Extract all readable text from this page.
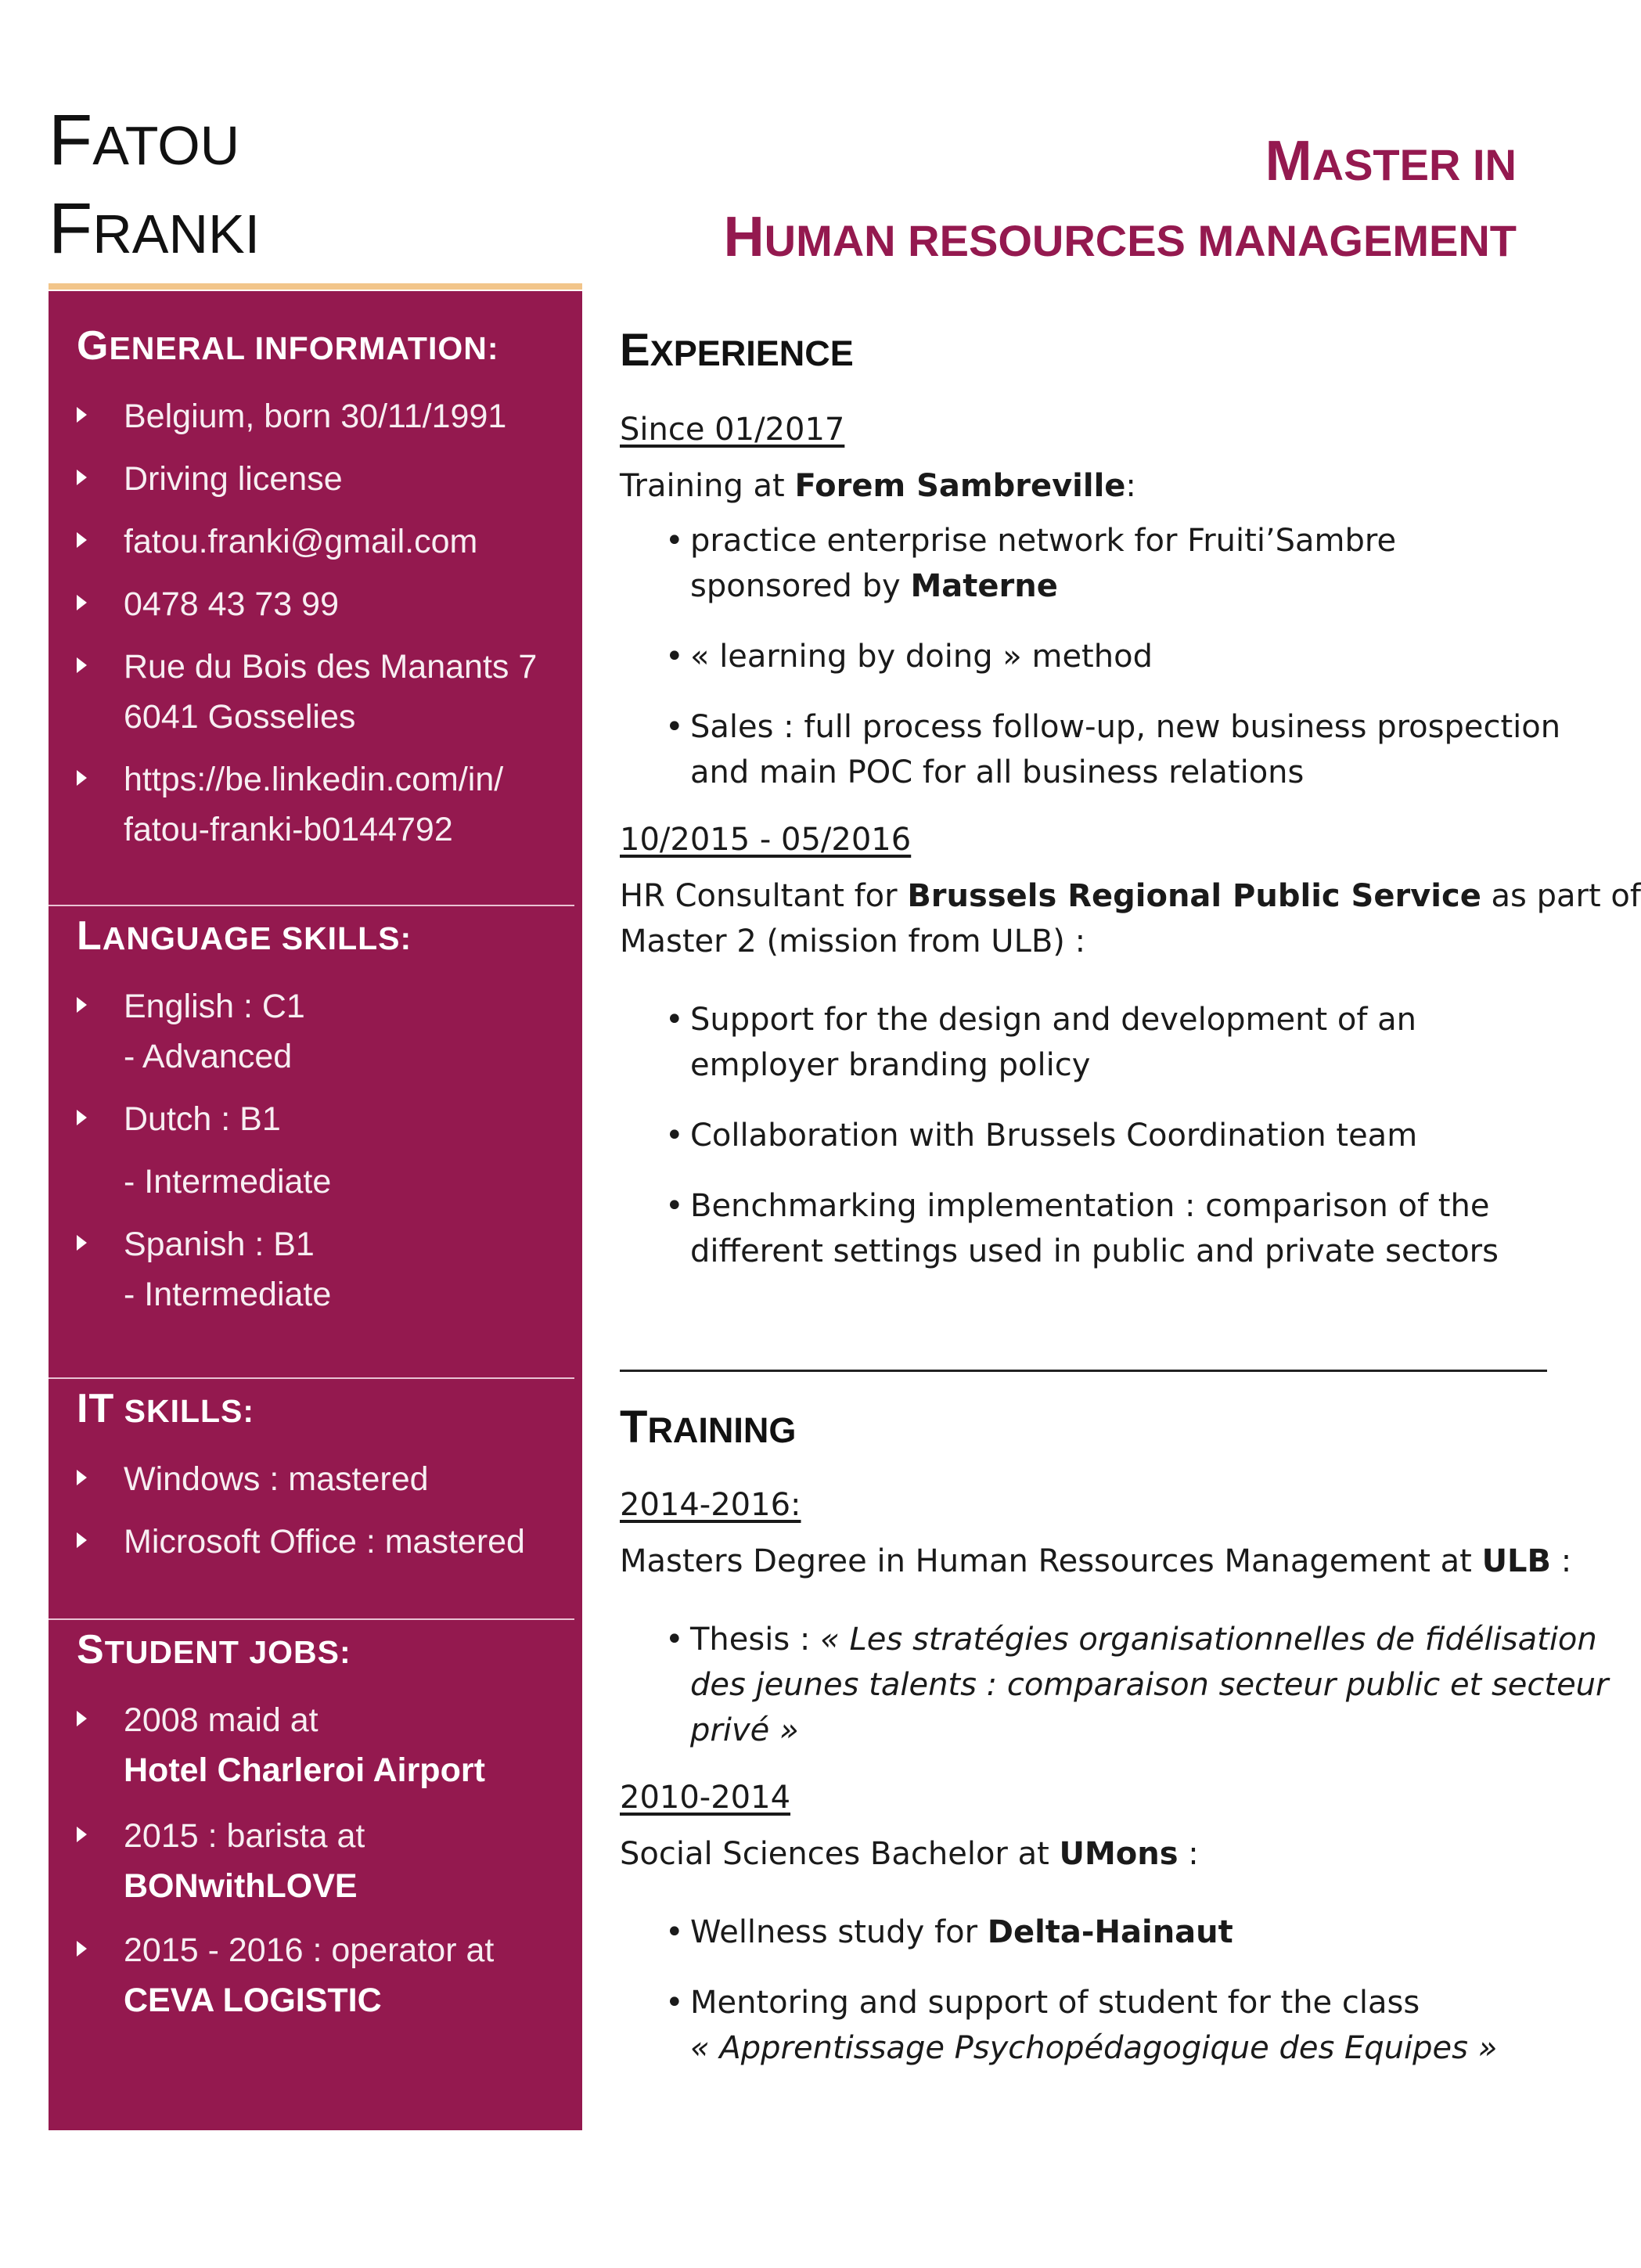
FATOU
FRANKI
MASTER IN
HUMAN RESOURCES MANAGEMENT
GENERAL INFORMATION:
Belgium, born 30/11/1991
Driving license
fatou.franki@gmail.com
0478 43 73 99
Rue du Bois des Manants 7
6041 Gosselies
https://be.linkedin.com/in/
fatou-franki-b0144792
LANGUAGE SKILLS:
English : C1
- Advanced
Dutch : B1
- Intermediate
Spanish : B1
- Intermediate
IT SKILLS:
Windows : mastered
Microsoft Office : mastered
STUDENT JOBS:
2008 maid at
Hotel Charleroi Airport
2015 : barista at
BONwithLOVE
2015 - 2016 : operator at
CEVA LOGISTIC
EXPERIENCE
Since 01/2017
Training at Forem Sambreville:
• practice enterprise network for Fruiti’Sambre
sponsored by Materne
• « learning by doing » method
• Sales : full process follow-up, new business prospection
and main POC for all business relations
10/2015 - 05/2016
HR Consultant for Brussels Regional Public Service as part of
Master 2 (mission from ULB) :
• Support for the design and development of an
employer branding policy
• Collaboration with Brussels Coordination team
• Benchmarking implementation : comparison of the
different settings used in public and private sectors
TRAINING
2014-2016:
Masters Degree in Human Ressources Management at ULB :
• Thesis : « Les stratégies organisationnelles de fidélisation
des jeunes talents : comparaison secteur public et secteur
privé »
2010-2014
Social Sciences Bachelor at UMons :
• Wellness study for Delta-Hainaut
• Mentoring and support of student for the class
« Apprentissage Psychopédagogique des Equipes »
